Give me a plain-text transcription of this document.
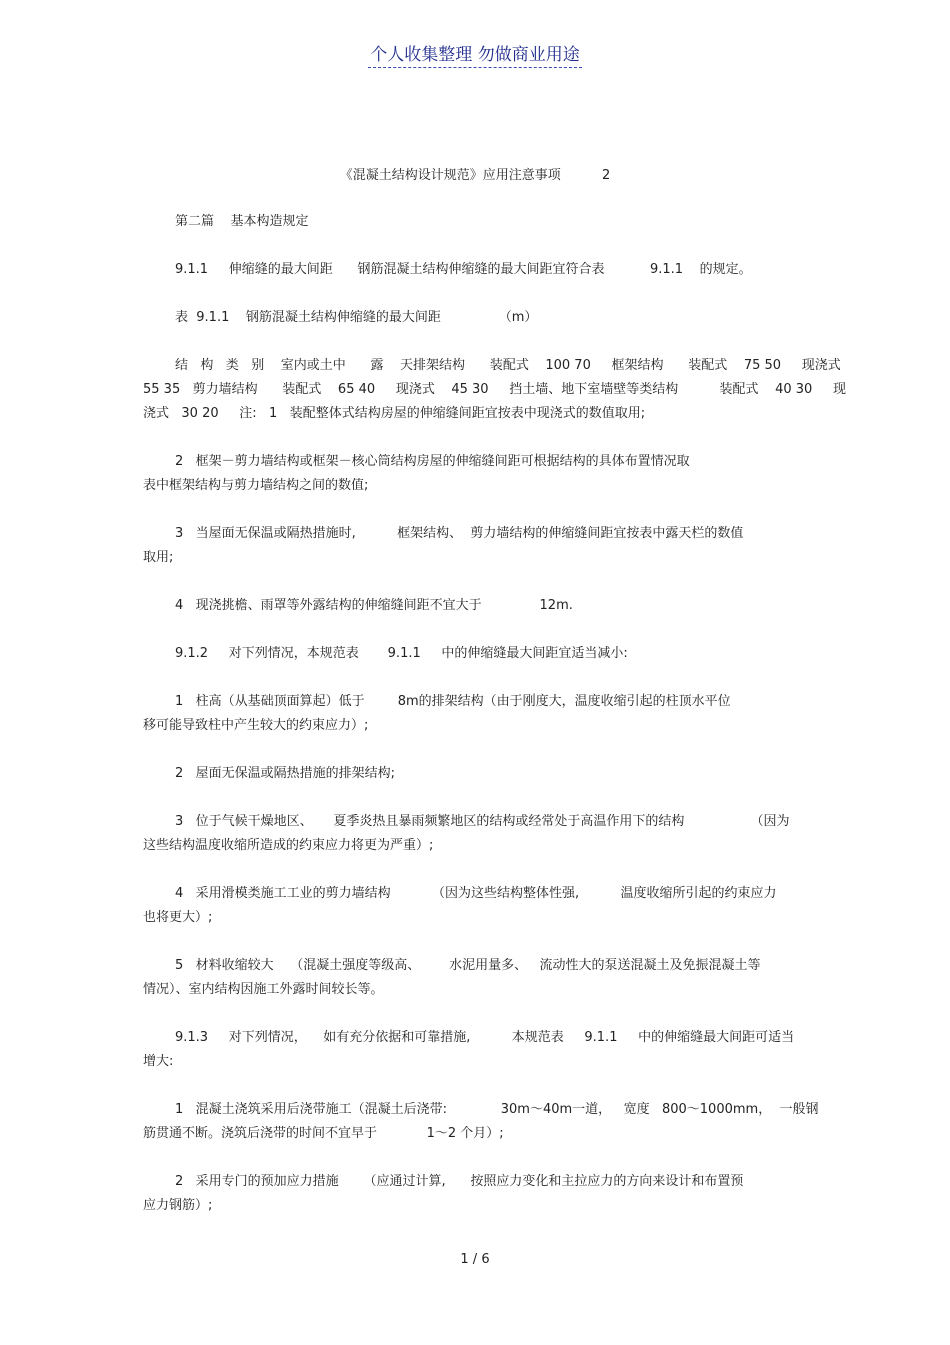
个人收集整理 勿做商业用途
《混凝土结构设计规范》应用注意事项          2
第二篇    基本构造规定
9.1.1     伸缩缝的最大间距      钢筋混凝土结构伸缩缝的最大间距宜符合表           9.1.1    的规定。
表  9.1.1    钢筋混凝土结构伸缩缝的最大间距              （m）
结   构   类   别    室内或土中      露    天排架结构      装配式    100 70     框架结构      装配式    75 50     现浇式
55 35   剪力墙结构      装配式    65 40     现浇式    45 30     挡土墙、地下室墙壁等类结构          装配式    40 30     现
浇式   30 20     注:   1   装配整体式结构房屋的伸缩缝间距宜按表中现浇式的数值取用;
2   框架－剪力墙结构或框架－核心筒结构房屋的伸缩缝间距可根据结构的具体布置情况取
表中框架结构与剪力墙结构之间的数值;
3   当屋面无保温或隔热措施时,          框架结构、  剪力墙结构的伸缩缝间距宜按表中露天栏的数值
取用;
4   现浇挑檐、雨罩等外露结构的伸缩缝间距不宜大于              12m.
9.1.2     对下列情况，本规范表       9.1.1     中的伸缩缝最大间距宜适当减小:
1   柱高（从基础顶面算起）低于        8m的排架结构（由于刚度大，温度收缩引起的柱顶水平位
移可能导致柱中产生较大的约束应力）;
2   屋面无保温或隔热措施的排架结构;
3   位于气候干燥地区、     夏季炎热且暴雨频繁地区的结构或经常处于高温作用下的结构                （因为
这些结构温度收缩所造成的约束应力将更为严重）;
4   采用滑模类施工工业的剪力墙结构          （因为这些结构整体性强,          温度收缩所引起的约束应力
也将更大）;
5   材料收缩较大    （混凝土强度等级高、       水泥用量多、   流动性大的泵送混凝土及免振混凝土等
情况）、室内结构因施工外露时间较长等。
9.1.3     对下列情况，    如有充分依据和可靠措施,          本规范表     9.1.1     中的伸缩缝最大间距可适当
增大:
1   混凝土浇筑采用后浇带施工（混凝土后浇带:             30m～40m一道，   宽度   800～1000mm，  一般钢
筋贯通不断。浇筑后浇带的时间不宜早于            1～2 个月）;
2   采用专门的预加应力措施      （应通过计算,      按照应力变化和主拉应力的方向来设计和布置预
应力钢筋）;
1 / 6
